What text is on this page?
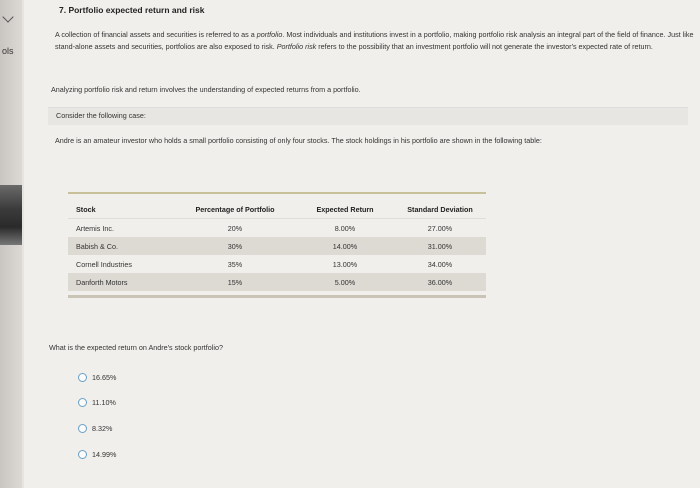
ols
7. Portfolio expected return and risk
A collection of financial assets and securities is referred to as a portfolio. Most individuals and institutions invest in a portfolio, making portfolio risk analysis an integral part of the field of finance. Just like stand-alone assets and securities, portfolios are also exposed to risk. Portfolio risk refers to the possibility that an investment portfolio will not generate the investor's expected rate of return.
Analyzing portfolio risk and return involves the understanding of expected returns from a portfolio.
Consider the following case:
Andre is an amateur investor who holds a small portfolio consisting of only four stocks. The stock holdings in his portfolio are shown in the following table:
Stock	Percentage of Portfolio	Expected Return	Standard Deviation
Artemis Inc.	20%	8.00%	27.00%
Babish & Co.	30%	14.00%	31.00%
Cornell Industries	35%	13.00%	34.00%
Danforth Motors	15%	5.00%	36.00%
What is the expected return on Andre's stock portfolio?
16.65%
11.10%
8.32%
14.99%
